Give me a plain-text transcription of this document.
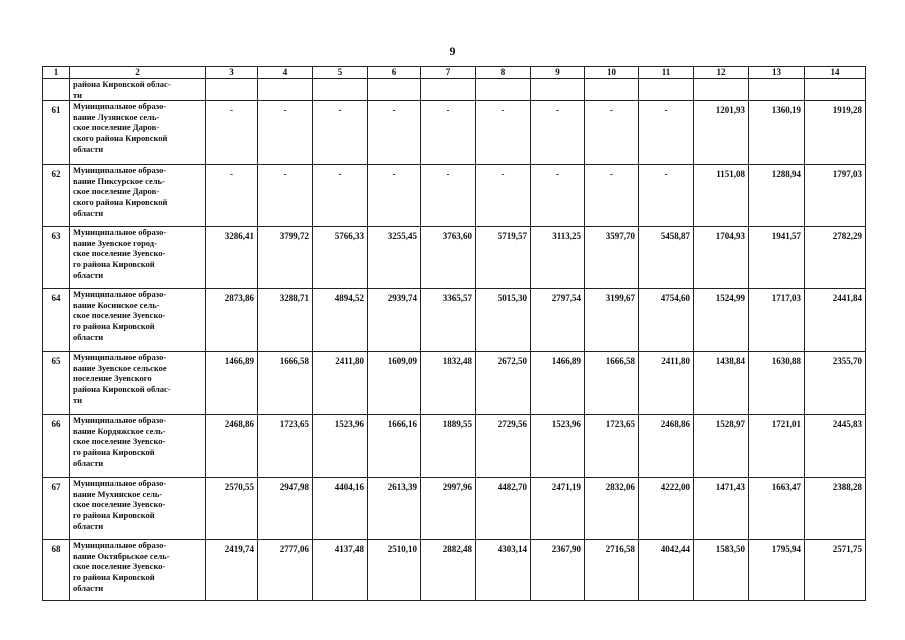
9
1	2	3	4	5	6	7	8	9	10	11	12	13	14
	района Кировской облас-
ти												
61	Муниципальное образо-
вание Лузянское сель-
ское поселение Даров-
ского района Кировской
области	-	-	-	-	-	-	-	-	-	1201,93	1360,19	1919,28
62	Муниципальное образо-
вание Пиксурское сель-
ское поселение Даров-
ского района Кировской
области	-	-	-	-	-	-	-	-	-	1151,08	1288,94	1797,03
63	Муниципальное образо-
вание Зуевское город-
ское поселение Зуевско-
го района Кировской
области	3286,41	3799,72	5766,33	3255,45	3763,60	5719,57	3113,25	3597,70	5458,87	1704,93	1941,57	2782,29
64	Муниципальное образо-
вание Косинское сель-
ское поселение Зуевско-
го района Кировской
области	2873,86	3288,71	4894,52	2939,74	3365,57	5015,30	2797,54	3199,67	4754,60	1524,99	1717,03	2441,84
65	Муниципальное образо-
вание Зуевское сельское
поселение Зуевского
района Кировской облас-
ти	1466,89	1666,58	2411,80	1609,09	1832,48	2672,50	1466,89	1666,58	2411,80	1438,84	1630,88	2355,70
66	Муниципальное образо-
вание Кордяжское сель-
ское поселение Зуевско-
го района Кировской
области	2468,86	1723,65	1523,96	1666,16	1889,55	2729,56	1523,96	1723,65	2468,86	1528,97	1721,01	2445,83
67	Муниципальное образо-
вание Мухинское сель-
ское поселение Зуевско-
го района Кировской
области	2570,55	2947,98	4404,16	2613,39	2997,96	4482,70	2471,19	2832,06	4222,00	1471,43	1663,47	2388,28
68	Муниципальное образо-
вание Октябрьское сель-
ское поселение Зуевско-
го района Кировской
области	2419,74	2777,06	4137,48	2510,10	2882,48	4303,14	2367,90	2716,58	4042,44	1583,50	1795,94	2571,75
